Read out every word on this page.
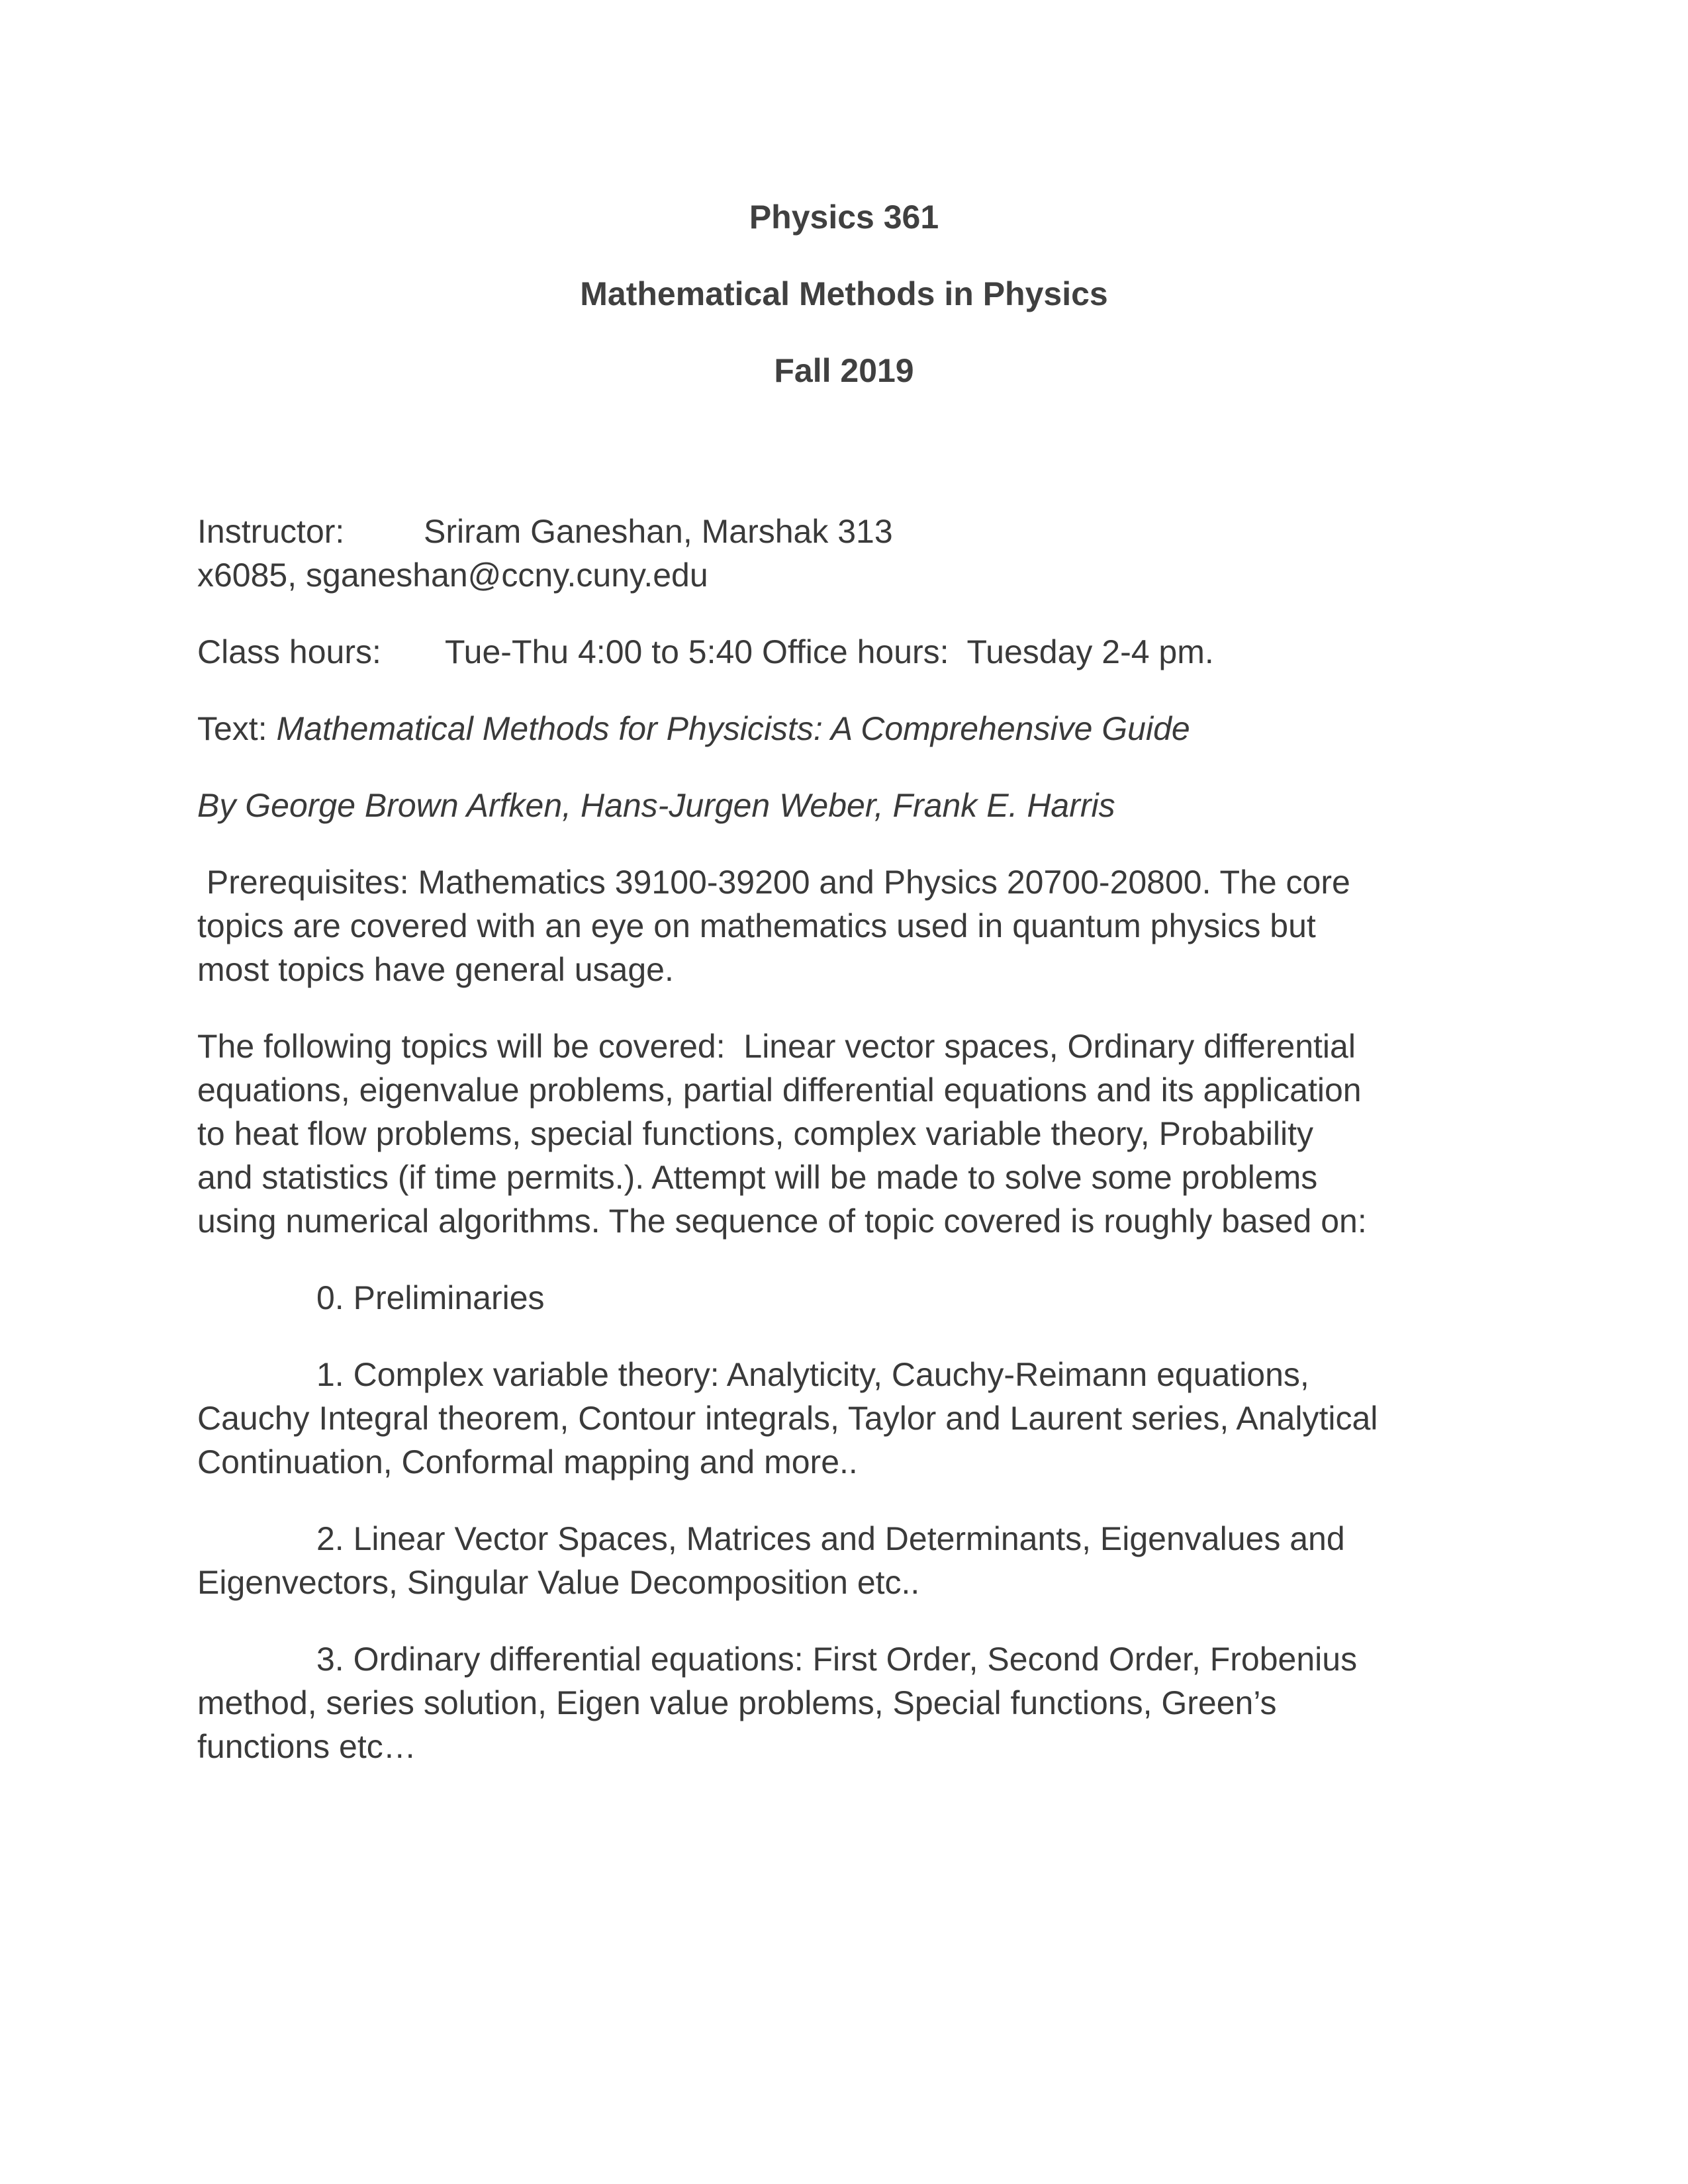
Physics 361
Mathematical Methods in Physics
Fall 2019
Instructor: Sriram Ganeshan, Marshak 313
x6085, sganeshan@ccny.cuny.edu
Class hours: Tue-Thu 4:00 to 5:40 Office hours: Tuesday 2-4 pm.
Text: Mathematical Methods for Physicists: A Comprehensive Guide
By George Brown Arfken, Hans-Jurgen Weber, Frank E. Harris
Prerequisites: Mathematics 39100-39200 and Physics 20700-20800. The core
topics are covered with an eye on mathematics used in quantum physics but
most topics have general usage.
The following topics will be covered:  Linear vector spaces, Ordinary differential
equations, eigenvalue problems, partial differential equations and its application
to heat flow problems, special functions, complex variable theory, Probability
and statistics (if time permits.). Attempt will be made to solve some problems
using numerical algorithms. The sequence of topic covered is roughly based on:
0. Preliminaries
1. Complex variable theory: Analyticity, Cauchy-Reimann equations,
Cauchy Integral theorem, Contour integrals, Taylor and Laurent series, Analytical
Continuation, Conformal mapping and more..
2. Linear Vector Spaces, Matrices and Determinants, Eigenvalues and
Eigenvectors, Singular Value Decomposition etc..
3. Ordinary differential equations: First Order, Second Order, Frobenius
method, series solution, Eigen value problems, Special functions, Green’s
functions etc…
